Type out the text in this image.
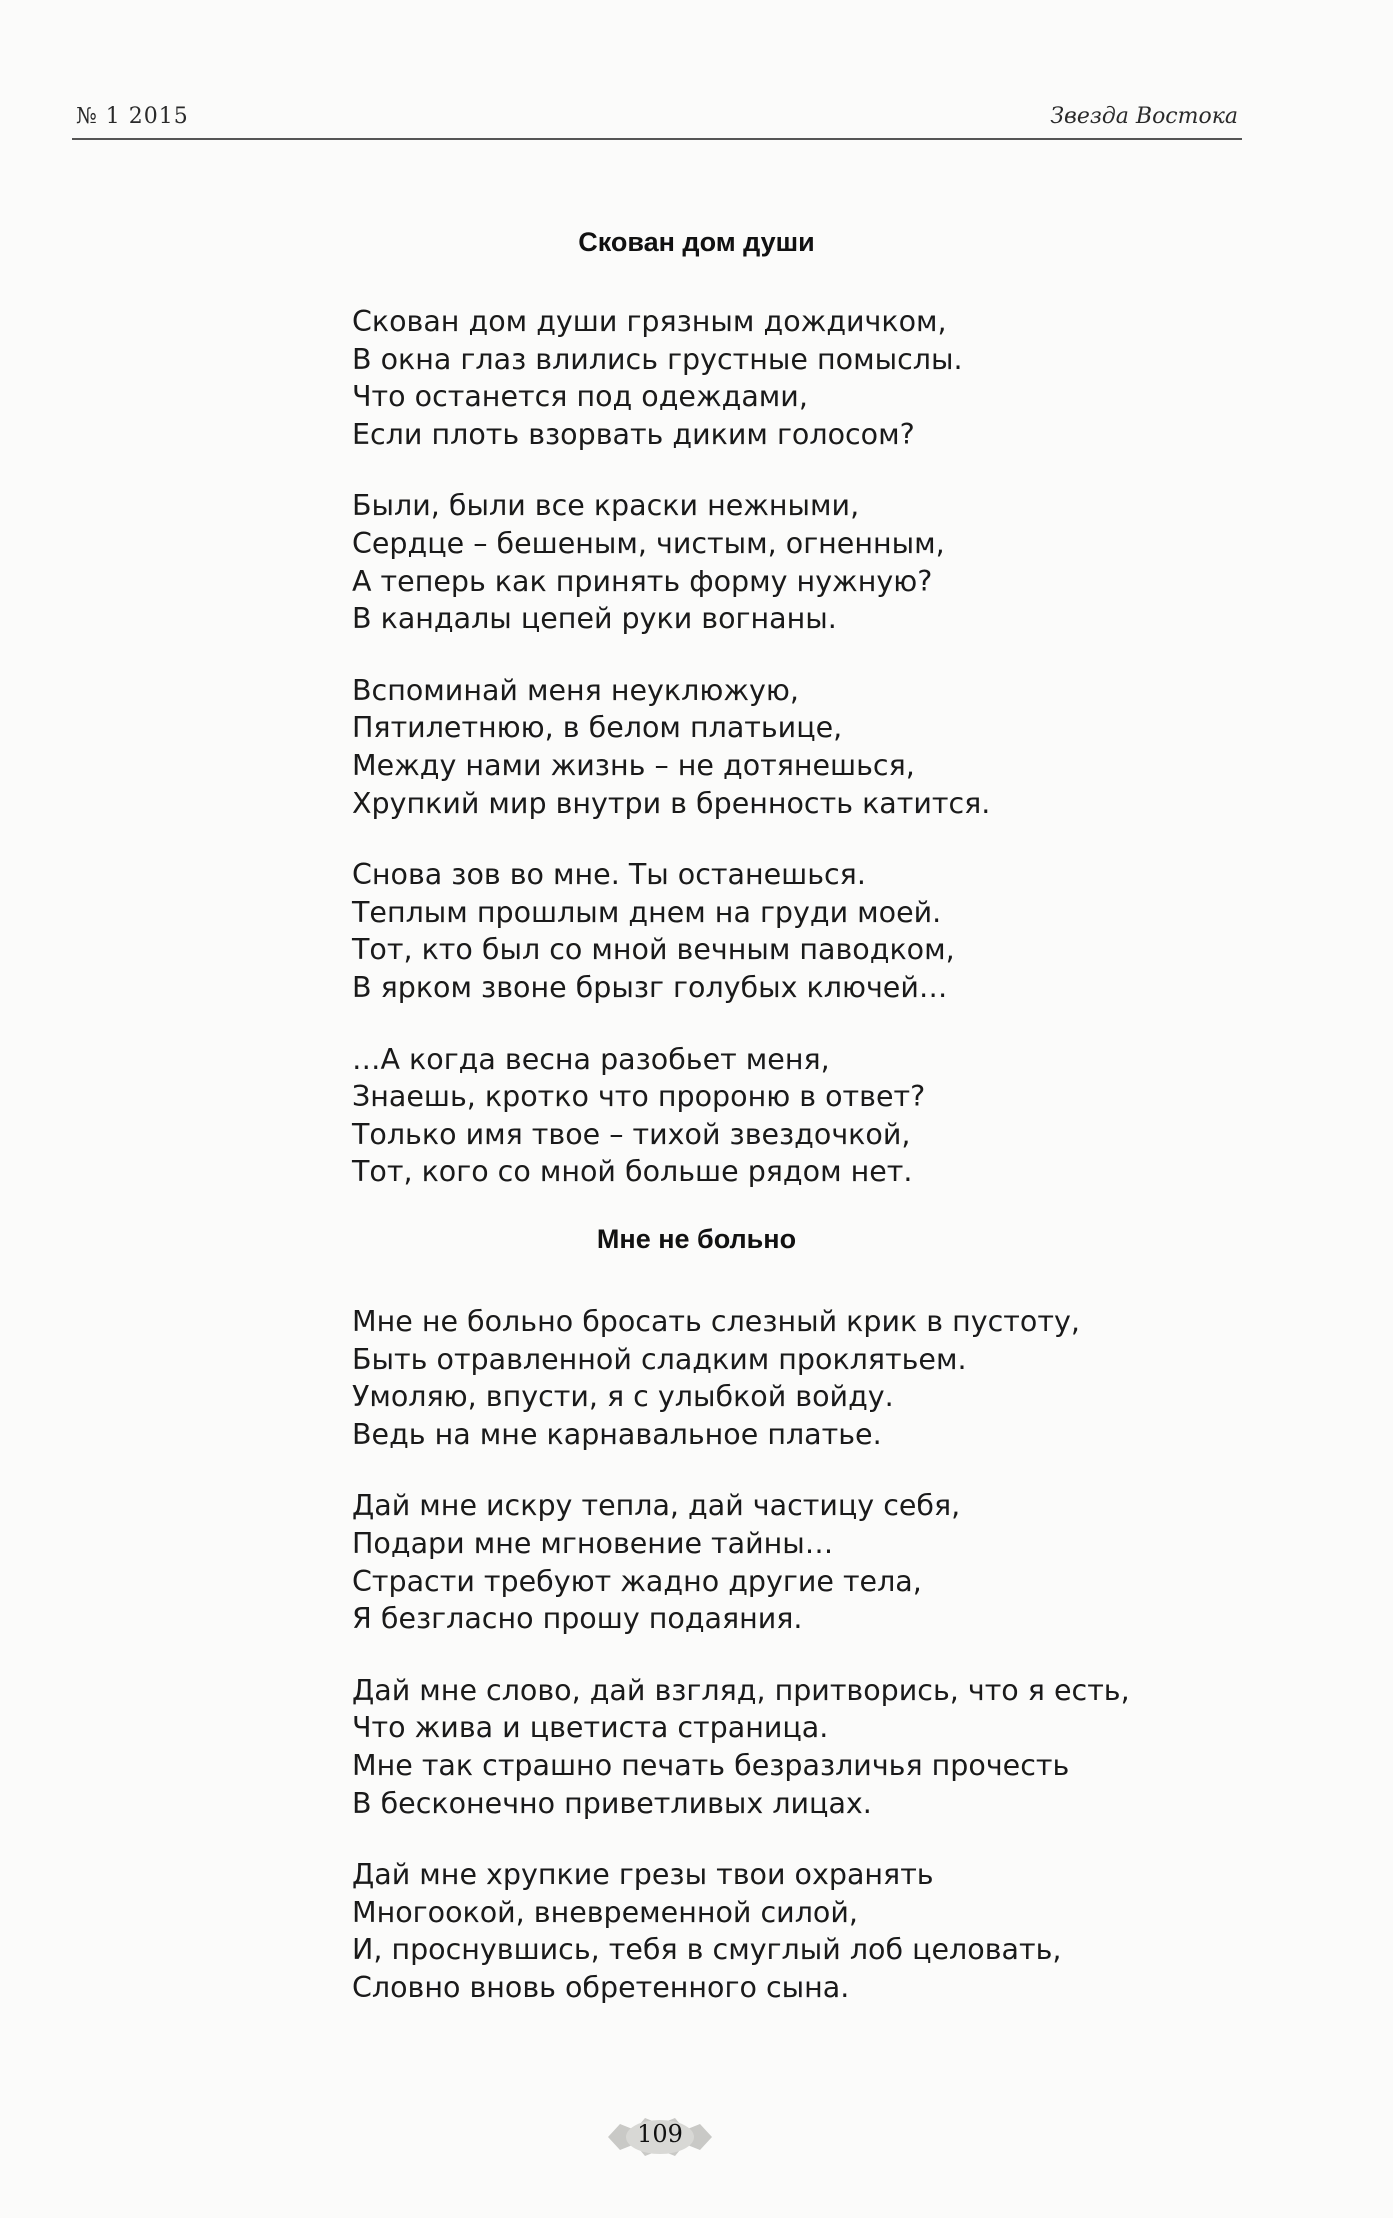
№ 1 2015	Звезда Востока
Скован дом души
Скован дом души грязным дождичком,
В окна глаз влились грустные помыслы.
Что останется под одеждами,
Если плоть взорвать диким голосом?
Были, были все краски нежными,
Сердце – бешеным, чистым, огненным,
А теперь как принять форму нужную?
В кандалы цепей руки вогнаны.
Вспоминай меня неуклюжую,
Пятилетнюю, в белом платьице,
Между нами жизнь – не дотянешься,
Хрупкий мир внутри в бренность катится.
Снова зов во мне. Ты останешься.
Теплым прошлым днем на груди моей.
Тот, кто был со мной вечным паводком,
В ярком звоне брызг голубых ключей…
…А когда весна разобьет меня,
Знаешь, кротко что пророню в ответ?
Только имя твое – тихой звездочкой,
Тот, кого со мной больше рядом нет.
Мне не больно
Мне не больно бросать слезный крик в пустоту,
Быть отравленной сладким проклятьем.
Умоляю, впусти, я с улыбкой войду.
Ведь на мне карнавальное платье.
Дай мне искру тепла, дай частицу себя,
Подари мне мгновение тайны…
Страсти требуют жадно другие тела,
Я безгласно прошу подаяния.
Дай мне слово, дай взгляд, притворись, что я есть,
Что жива и цветиста страница.
Мне так страшно печать безразличья прочесть
В бесконечно приветливых лицах.
Дай мне хрупкие грезы твои охранять
Многоокой, вневременной силой,
И, проснувшись, тебя в смуглый лоб целовать,
Словно вновь обретенного сына.
109
